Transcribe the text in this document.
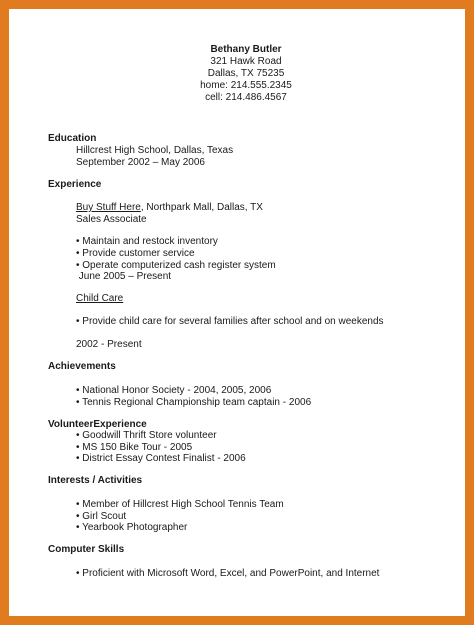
Bethany Butler
321 Hawk Road
Dallas, TX 75235
home: 214.555.2345
cell: 214.486.4567
Education
Hillcrest High School, Dallas, Texas
September 2002 – May 2006
Experience
Buy Stuff Here, Northpark Mall, Dallas, TX
Sales Associate
• Maintain and restock inventory
• Provide customer service
• Operate computerized cash register system
June 2005 – Present
Child Care
• Provide child care for several families after school and on weekends
2002 - Present
Achievements
• National Honor Society - 2004, 2005, 2006
• Tennis Regional Championship team captain - 2006
VolunteerExperience
• Goodwill Thrift Store volunteer
• MS 150 Bike Tour - 2005
• District Essay Contest Finalist - 2006
Interests / Activities
• Member of Hillcrest High School Tennis Team
• Girl Scout
• Yearbook Photographer
Computer Skills
• Proficient with Microsoft Word, Excel, and PowerPoint, and Internet
